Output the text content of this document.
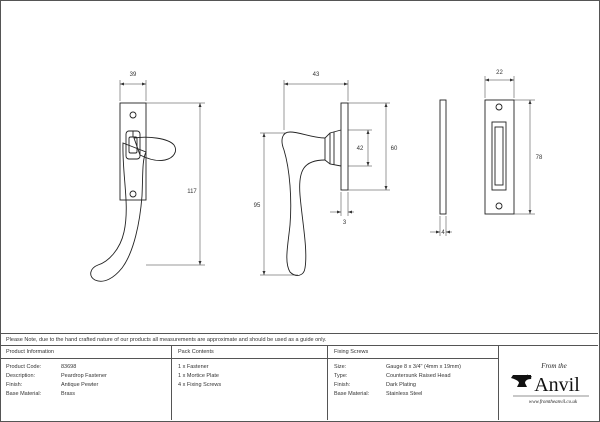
39
117
43
42	60
95
3
22
78
4
Please Note, due to the hand crafted nature of our products all measurements are approximate and should be used as a guide only.
Product Information
Product Code:	83698
Description:	Peardrop Fastener
Finish:	Antique Pewter
Base Material:	Brass
Pack Contents
1 x Fastener
1 x Mortice Plate
4 x Fixing Screws
Fixing Screws
Size:	Gauge 8 x 3/4" (4mm x 19mm)
Type:	Countersunk Raised Head
Finish:	Dark Plating
Base Material:	Stainless Steel
From the
Anvil
www.fromtheanvil.co.uk
